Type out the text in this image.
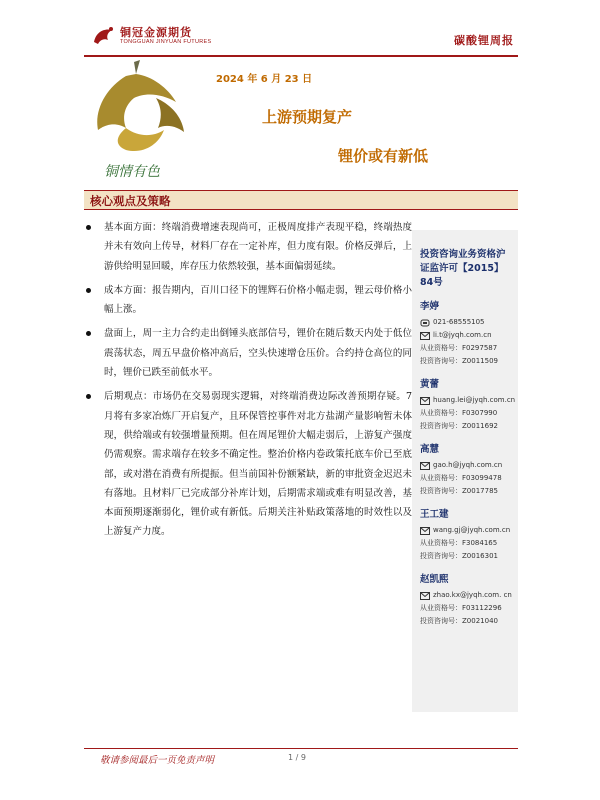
铜冠金源期货
TONGGUAN JINYUAN FUTURES	碳酸锂周报
铜情有色
2024 年 6 月 23 日
上游预期复产
锂价或有新低
核心观点及策略
基本面方面：终端消费增速表现尚可，正极周度排产表现平稳，终端热度并未有效向上传导，材料厂存在一定补库，但力度有限。价格反弹后，上游供给明显回暖，库存压力依然较强，基本面偏弱延续。
成本方面：报告期内，百川口径下的锂辉石价格小幅走弱，锂云母价格小幅上涨。
盘面上，周一主力合约走出倒锤头底部信号，锂价在随后数天内处于低位震荡状态，周五早盘价格冲高后，空头快速增仓压价。合约持仓高位的同时，锂价已跌至前低水平。
后期观点：市场仍在交易弱现实逻辑，对终端消费边际改善预期存疑。7月将有多家冶炼厂开启复产，且环保管控事件对北方盐湖产量影响暂未体现，供给端或有较强增量预期。但在周尾锂价大幅走弱后，上游复产强度仍需观察。需求端存在较多不确定性。整治价格内卷政策托底车价已至底部，或对潜在消费有所提振。但当前国补份额紧缺，新的审批资金迟迟未有落地。且材料厂已完成部分补库计划，后期需求端或难有明显改善，基本面预期逐渐弱化，锂价或有新低。后期关注补贴政策落地的时效性以及上游复产力度。
投资咨询业务资格沪证监许可【2015】84号
李婷
021-68555105
li.t@jyqh.com.cn
从业资格号：F0297587
投资咨询号：Z0011509
黄蕾
huang.lei@jyqh.com.cn
从业资格号：F0307990
投资咨询号：Z0011692
高慧
gao.h@jyqh.com.cn
从业资格号：F03099478
投资咨询号：Z0017785
王工建
wang.gj@jyqh.com.cn
从业资格号：F3084165
投资咨询号：Z0016301
赵凯熙
zhao.kx@jyqh.com. cn
从业资格号：F03112296
投资咨询号：Z0021040
敬请参阅最后一页免责声明	1 / 9
